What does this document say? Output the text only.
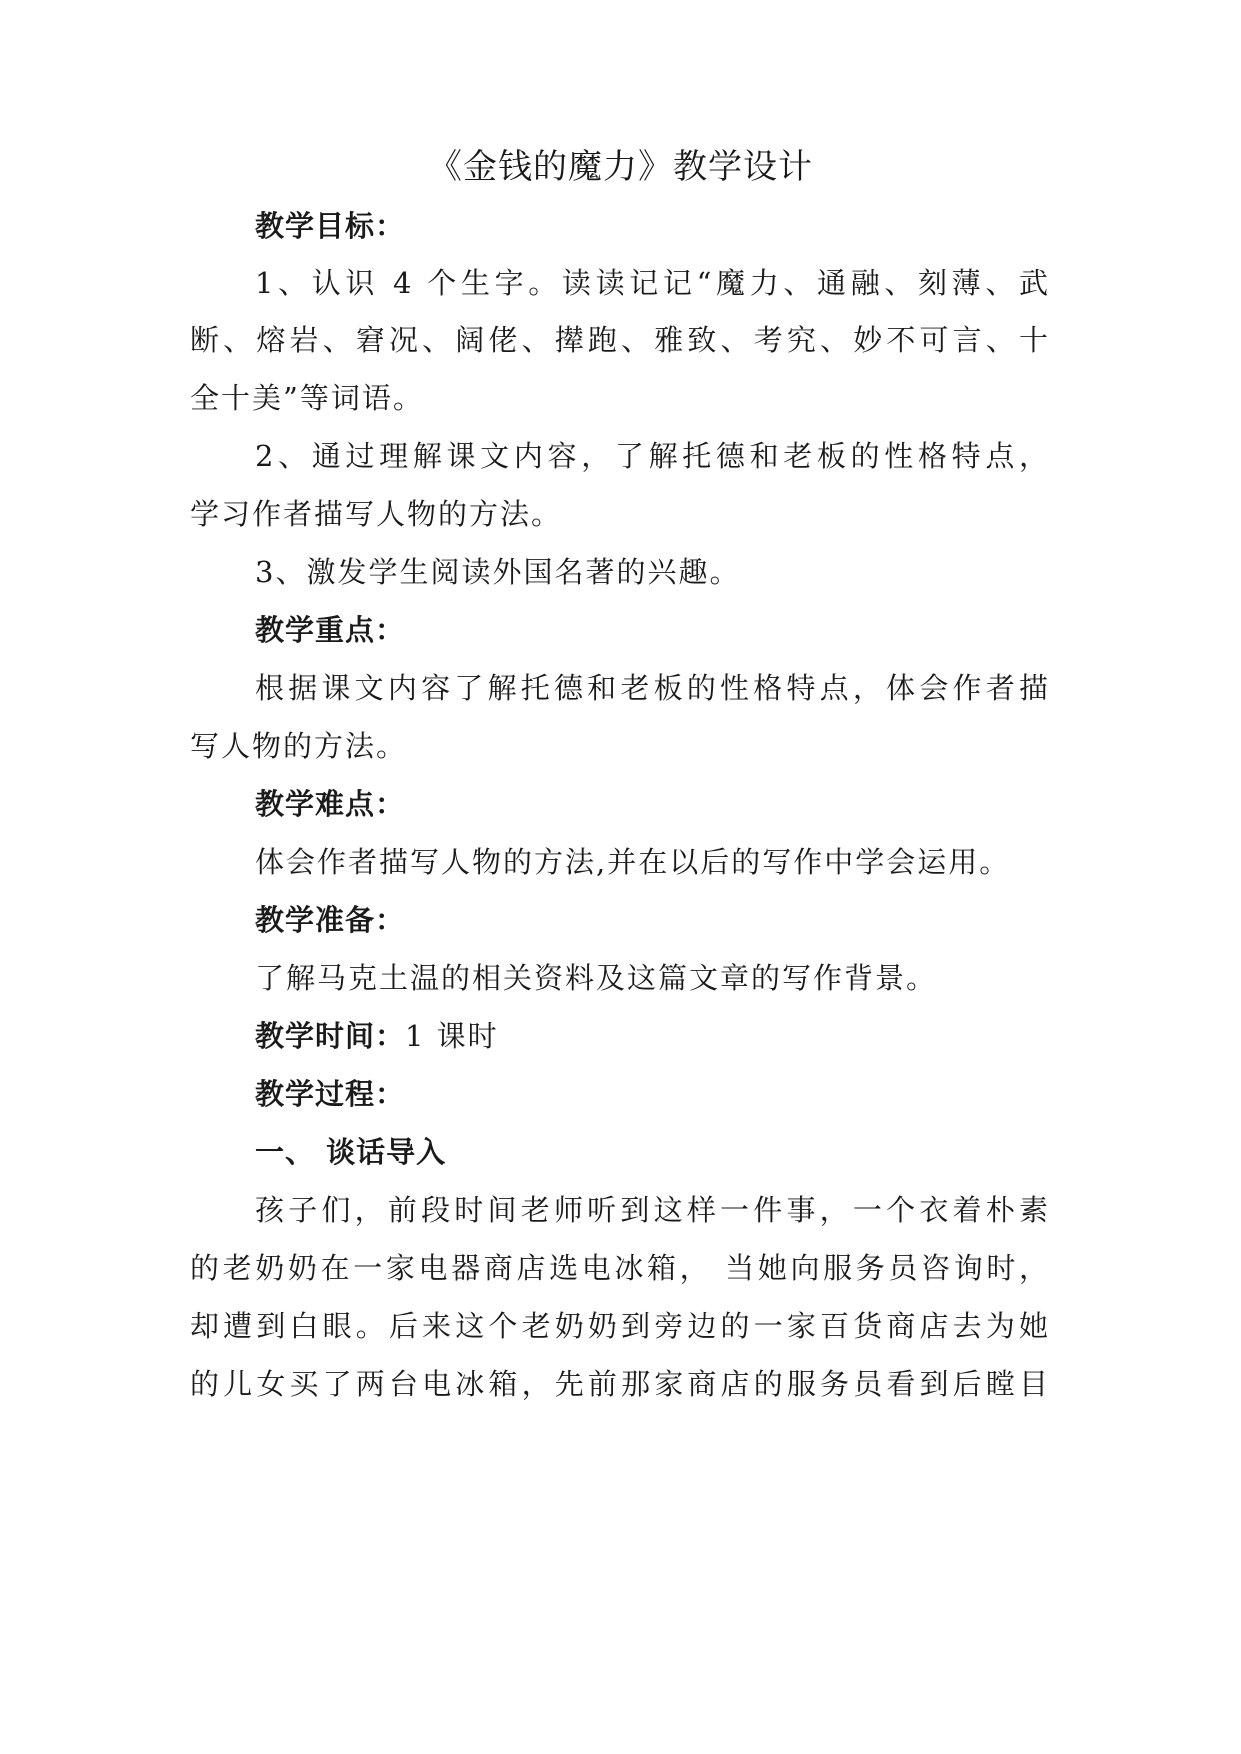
《金钱的魔力》教学设计
教学目标：
1、认识 4 个生字。读读记记“魔力、通融、刻薄、武
断、熔岩、窘况、阔佬、撵跑、雅致、考究、妙不可言、十
全十美”等词语。
2、通过理解课文内容，了解托德和老板的性格特点，
学习作者描写人物的方法。
3、激发学生阅读外国名著的兴趣。
教学重点：
根据课文内容了解托德和老板的性格特点，体会作者描
写人物的方法。
教学难点：
体会作者描写人物的方法,并在以后的写作中学会运用。
教学准备：
了解马克土温的相关资料及这篇文章的写作背景。
教学时间：1 课时
教学过程：
一、 谈话导入
孩子们，前段时间老师听到这样一件事，一个衣着朴素
的老奶奶在一家电器商店选电冰箱， 当她向服务员咨询时，
却遭到白眼。后来这个老奶奶到旁边的一家百货商店去为她
的儿女买了两台电冰箱，先前那家商店的服务员看到后瞠目
